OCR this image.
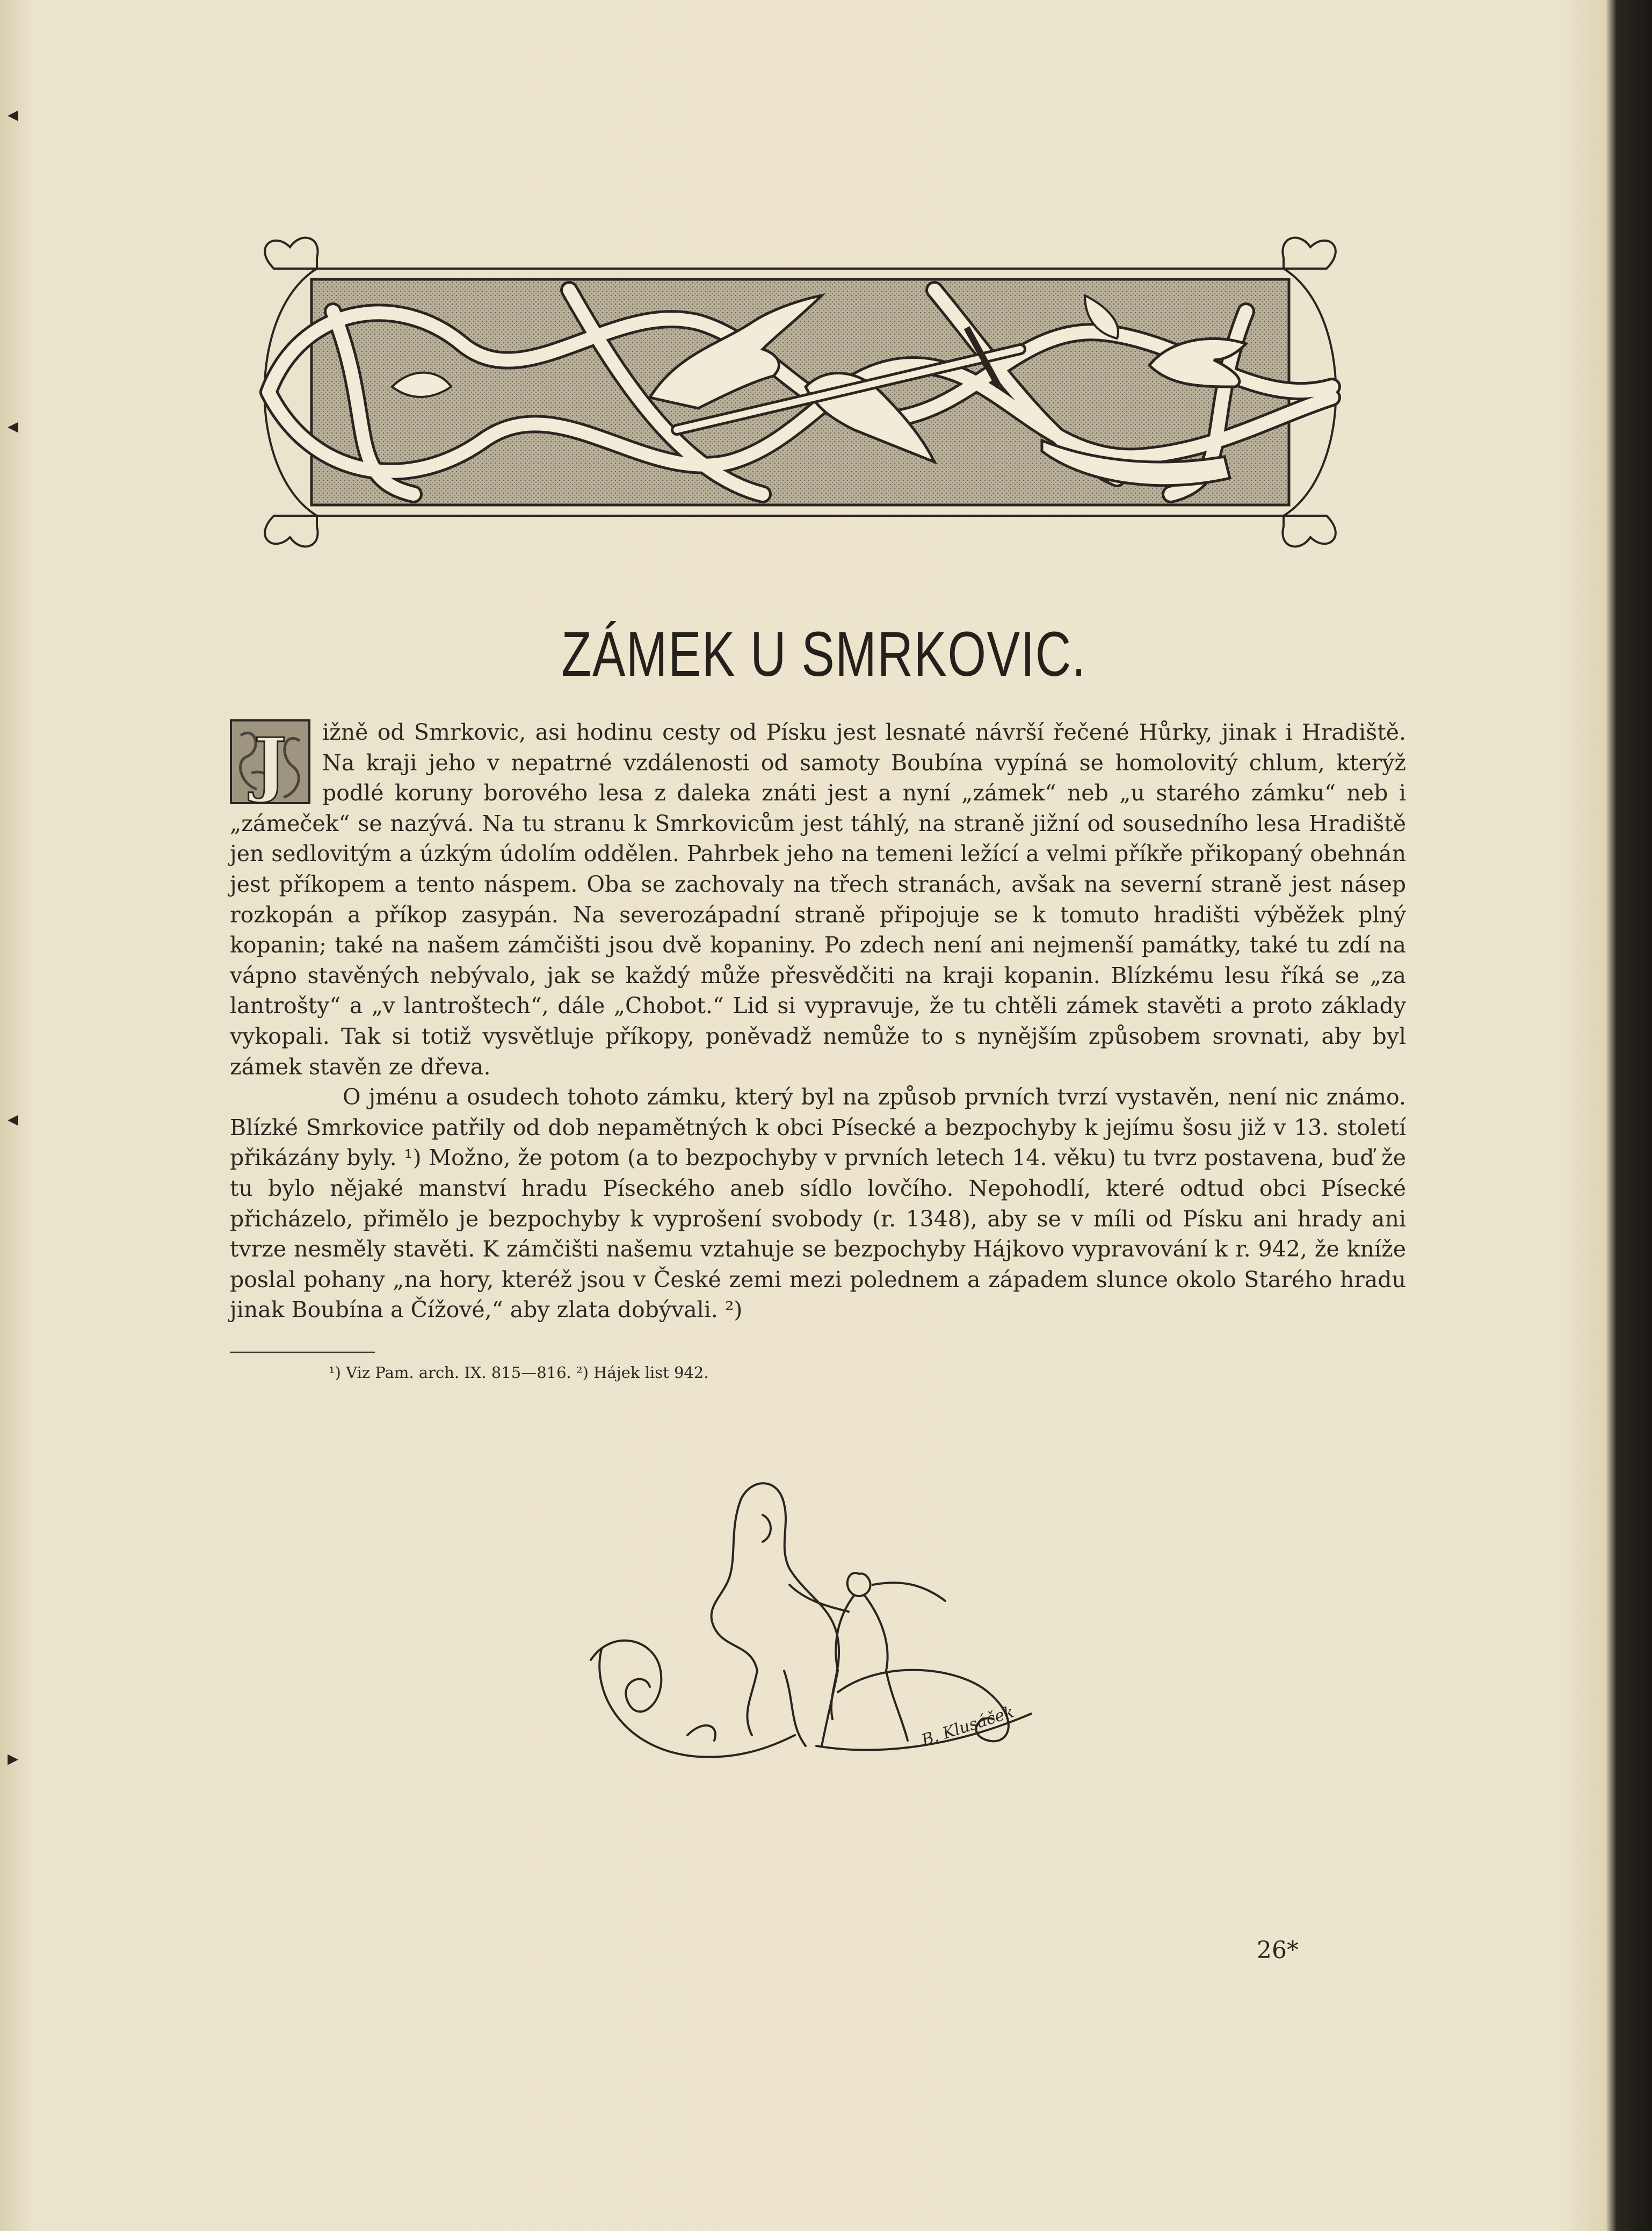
◂
◂
◂
▸
ZÁMEK U SMRKOVIC.

J ižně od Smrkovic, asi hodinu cesty od Písku jest lesnaté návrší řečené Hůrky, jinak i Hradiště. Na kraji jeho v nepatrné vzdálenosti od samoty Boubína vypíná se homolovitý chlum, kterýž podlé koruny borového lesa z daleka znáti jest a nyní „zámek“ neb „u starého zámku“ neb i „zámeček“ se nazývá. Na tu stranu k Smrkovicům jest táhlý, na straně jižní od sousedního lesa Hradiště jen sedlovitým a úzkým údolím oddělen. Pahrbek jeho na temeni ležící a velmi příkře přikopaný obehnán jest příkopem a tento náspem. Oba se zachovaly na třech stranách, avšak na severní straně jest násep rozkopán a příkop zasypán. Na severozápadní straně připojuje se k tomuto hradišti výběžek plný kopanin; také na našem zámčišti jsou dvě kopaniny. Po zdech není ani nejmenší památky, také tu zdí na vápno stavěných nebývalo, jak se každý může přesvědčiti na kraji kopanin. Blízkému lesu říká se „za lantrošty“ a „v lantroštech“, dále „Chobot.“ Lid si vypravuje, že tu chtěli zámek stavěti a proto základy vykopali. Tak si totiž vysvětluje příkopy, poněvadž nemůže to s nynějším způsobem srovnati, aby byl zámek stavěn ze dřeva.

O jménu a osudech tohoto zámku, který byl na způsob prvních tvrzí vystavěn, není nic známo. Blízké Smrkovice patřily od dob nepamětných k obci Písecké a bezpochyby k jejímu šosu již v 13. století přikázány byly. ¹) Možno, že potom (a to bezpochyby v prvních letech 14. věku) tu tvrz postavena, buď že tu bylo nějaké manství hradu Píseckého aneb sídlo lovčího. Nepohodlí, které odtud obci Písecké přicházelo, přimělo je bezpochyby k vyprošení svobody (r. 1348), aby se v míli od Písku ani hrady ani tvrze nesměly stavěti. K zámčišti našemu vztahuje se bezpochyby Hájkovo vypravování k r. 942, že kníže poslal pohany „na hory, kteréž jsou v České zemi mezi polednem a západem slunce okolo Starého hradu jinak Boubína a Čížové,“ aby zlata dobývali. ²)

¹) Viz Pam. arch. IX. 815—816. ²) Hájek list 942.
B. Klusáček
26*
